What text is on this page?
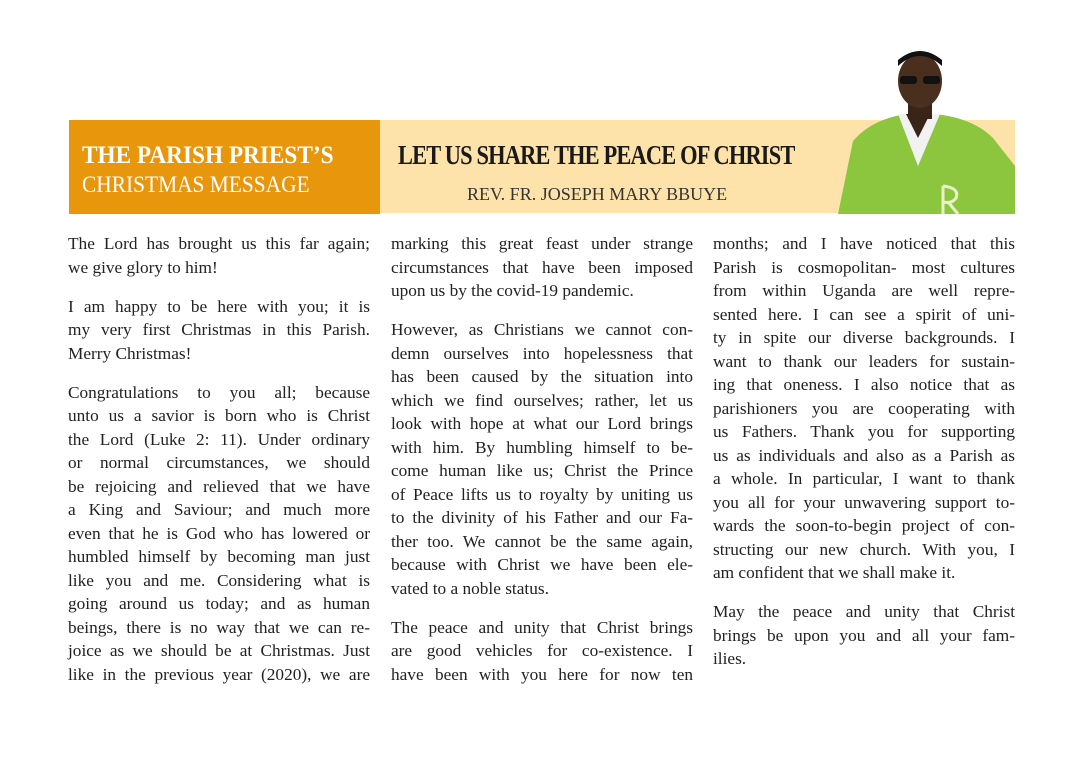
THE PARISH PRIEST’S
CHRISTMAS MESSAGE
LET US SHARE THE PEACE OF CHRIST
REV. FR. JOSEPH MARY BBUYE

The Lord has brought us this far again;
we give glory to him!

I am happy to be here with you; it is
my very first Christmas in this Parish.
Merry Christmas!

Congratulations to you all; because
unto us a savior is born who is Christ
the Lord (Luke 2: 11). Under ordinary
or normal circumstances, we should
be rejoicing and relieved that we have
a King and Saviour; and much more
even that he is God who has lowered or
humbled himself by becoming man just
like you and me. Considering what is
going around us today; and as human
beings, there is no way that we can re-
joice as we should be at Christmas. Just
like in the previous year (2020), we are

marking this great feast under strange
circumstances that have been imposed
upon us by the covid-19 pandemic.

However, as Christians we cannot con-
demn ourselves into hopelessness that
has been caused by the situation into
which we find ourselves; rather, let us
look with hope at what our Lord brings
with him. By humbling himself to be-
come human like us; Christ the Prince
of Peace lifts us to royalty by uniting us
to the divinity of his Father and our Fa-
ther too. We cannot be the same again,
because with Christ we have been ele-
vated to a noble status.

The peace and unity that Christ brings
are good vehicles for co-existence. I
have been with you here for now ten

months; and I have noticed that this
Parish is cosmopolitan- most cultures
from within Uganda are well repre-
sented here. I can see a spirit of uni-
ty in spite our diverse backgrounds. I
want to thank our leaders for sustain-
ing that oneness. I also notice that as
parishioners you are cooperating with
us Fathers. Thank you for supporting
us as individuals and also as a Parish as
a whole. In particular, I want to thank
you all for your unwavering support to-
wards the soon-to-begin project of con-
structing our new church. With you, I
am confident that we shall make it.

May the peace and unity that Christ
brings be upon you and all your fam-
ilies.
